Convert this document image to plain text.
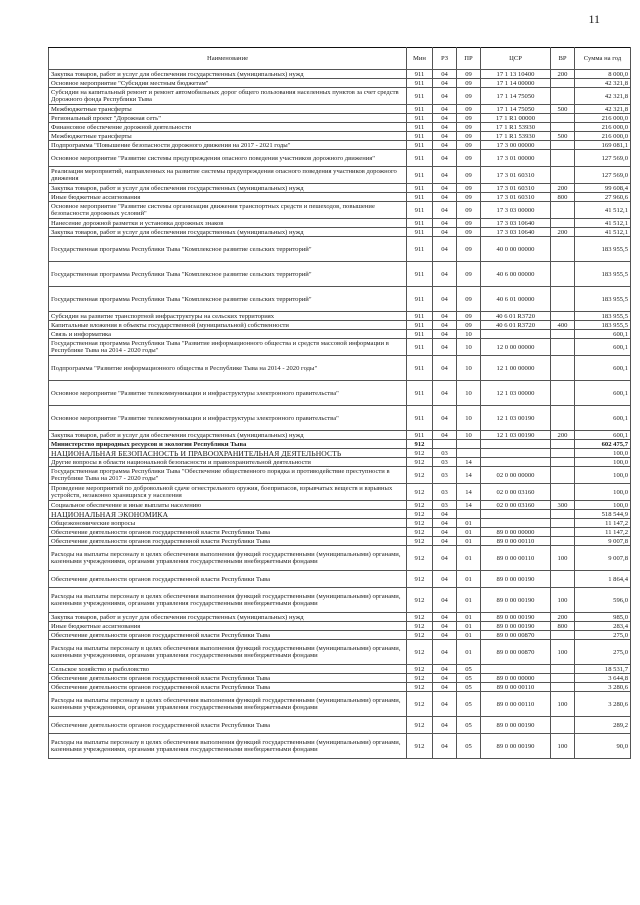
11
Наименование	Мин	РЗ	ПР	ЦСР	ВР	Сумма на год
Закупка товаров, работ и услуг для обеспечения государственных (муниципальных) нужд	911	04	09	17 1 13 10400	200	8 000,0
Основное мероприятие "Субсидии местным бюджетам"	911	04	09	17 1 14 00000		42 321,8
Субсидии на капитальный ремонт и ремонт автомобильных дорог общего пользования населенных пунктов за счет средств Дорожного фонда Республики Тыва	911	04	09	17 1 14 75050		42 321,8
Межбюджетные трансферты	911	04	09	17 1 14 75050	500	42 321,8
Региональный проект "Дорожная сеть"	911	04	09	17 1 R1 00000		216 000,0
Финансовое обеспечение дорожной деятельности	911	04	09	17 1 R1 53930		216 000,0
Межбюджетные трансферты	911	04	09	17 1 R1 53930	500	216 000,0
Подпрограмма "Повышение безопасности дорожного движения на 2017 - 2021 годы"	911	04	09	17 3 00 00000		169 081,1
Основное мероприятие "Развитие системы предупреждения опасного поведения участников дорожного движения"	911	04	09	17 3 01 00000		127 569,0
Реализация мероприятий, направленных на развитие системы предупреждения опасного поведения участников дорожного движения	911	04	09	17 3 01 60310		127 569,0
Закупка товаров, работ и услуг для обеспечения государственных (муниципальных) нужд	911	04	09	17 3 01 60310	200	99 608,4
Иные бюджетные ассигнования	911	04	09	17 3 01 60310	800	27 960,6
Основное мероприятие "Развитие системы организации движения транспортных средств и пешеходов, повышение безопасности дорожных условий"	911	04	09	17 3 03 00000		41 512,1
Нанесение дорожной разметки и установка дорожных знаков	911	04	09	17 3 03 10640		41 512,1
Закупка товаров, работ и услуг для обеспечения государственных (муниципальных) нужд	911	04	09	17 3 03 10640	200	41 512,1
Государственная программа Республики Тыва "Комплексное развитие сельских территорий"	911	04	09	40 0 00 00000		183 955,5
Государственная программа Республики Тыва "Комплексное развитие сельских территорий"	911	04	09	40 6 00 00000		183 955,5
Государственная программа Республики Тыва "Комплексное развитие сельских территорий"	911	04	09	40 6 01 00000		183 955,5
Субсидии на развитие транспортной инфраструктуры на сельских территориях	911	04	09	40 6 01 R3720		183 955,5
Капитальные вложения в объекты государственной (муниципальной) собственности	911	04	09	40 6 01 R3720	400	183 955,5
Связь и информатика	911	04	10			600,1
Государственная программа Республики Тыва "Развитие информационного общества и средств массовой информации в Республике Тыва на 2014 - 2020 годы"	911	04	10	12 0 00 00000		600,1
Подпрограмма "Развитие информационного общества в Республике Тыва на 2014 - 2020 годы"	911	04	10	12 1 00 00000		600,1
Основное мероприятие "Развитие телекоммуникации и инфраструктуры электронного правительства"	911	04	10	12 1 03 00000		600,1
Основное мероприятие "Развитие телекоммуникации и инфраструктуры электронного правительства"	911	04	10	12 1 03 00190		600,1
Закупка товаров, работ и услуг для обеспечения государственных (муниципальных) нужд	911	04	10	12 1 03 00190	200	600,1
Министерство природных ресурсов и экологии Республики Тыва	912					602 475,7
НАЦИОНАЛЬНАЯ БЕЗОПАСНОСТЬ И ПРАВООХРАНИТЕЛЬНАЯ ДЕЯТЕЛЬНОСТЬ	912	03				100,0
Другие вопросы в области национальной безопасности и правоохранительной деятельности	912	03	14			100,0
Государственная программа Республики Тыва "Обеспечение общественного порядка и противодействие преступности в Республике Тыва на 2017 - 2020 годы"	912	03	14	02 0 00 00000		100,0
Проведение мероприятий по добровольной сдаче огнестрельного оружия, боеприпасов, взрывчатых веществ и взрывных устройств, незаконно хранящихся у населения	912	03	14	02 0 00 03160		100,0
Социальное обеспечение и иные выплаты населению	912	03	14	02 0 00 03160	300	100,0
НАЦИОНАЛЬНАЯ ЭКОНОМИКА	912	04				518 544,9
Общеэкономические вопросы	912	04	01			11 147,2
Обеспечение деятельности органов государственной власти Республики Тыва	912	04	01	89 0 00 00000		11 147,2
Обеспечение деятельности органов государственной власти Республики Тыва	912	04	01	89 0 00 00110		9 007,8
Расходы на выплаты персоналу в целях обеспечения выполнения функций государственными (муниципальными) органами, казенными учреждениями, органами управления государственными внебюджетными фондами	912	04	01	89 0 00 00110	100	9 007,8
Обеспечение деятельности органов государственной власти Республики Тыва	912	04	01	89 0 00 00190		1 864,4
Расходы на выплаты персоналу в целях обеспечения выполнения функций государственными (муниципальными) органами, казенными учреждениями, органами управления государственными внебюджетными фондами	912	04	01	89 0 00 00190	100	596,0
Закупка товаров, работ и услуг для обеспечения государственных (муниципальных) нужд	912	04	01	89 0 00 00190	200	985,0
Иные бюджетные ассигнования	912	04	01	89 0 00 00190	800	283,4
Обеспечение деятельности органов государственной власти Республики Тыва	912	04	01	89 0 00 00870		275,0
Расходы на выплаты персоналу в целях обеспечения выполнения функций государственными (муниципальными) органами, казенными учреждениями, органами управления государственными внебюджетными фондами	912	04	01	89 0 00 00870	100	275,0
Сельское хозяйство и рыболовство	912	04	05			18 531,7
Обеспечение деятельности органов государственной власти Республики Тыва	912	04	05	89 0 00 00000		3 644,8
Обеспечение деятельности органов государственной власти Республики Тыва	912	04	05	89 0 00 00110		3 280,6
Расходы на выплаты персоналу в целях обеспечения выполнения функций государственными (муниципальными) органами, казенными учреждениями, органами управления государственными внебюджетными фондами	912	04	05	89 0 00 00110	100	3 280,6
Обеспечение деятельности органов государственной власти Республики Тыва	912	04	05	89 0 00 00190		289,2
Расходы на выплаты персоналу в целях обеспечения выполнения функций государственными (муниципальными) органами, казенными учреждениями, органами управления государственными внебюджетными фондами	912	04	05	89 0 00 00190	100	90,0
